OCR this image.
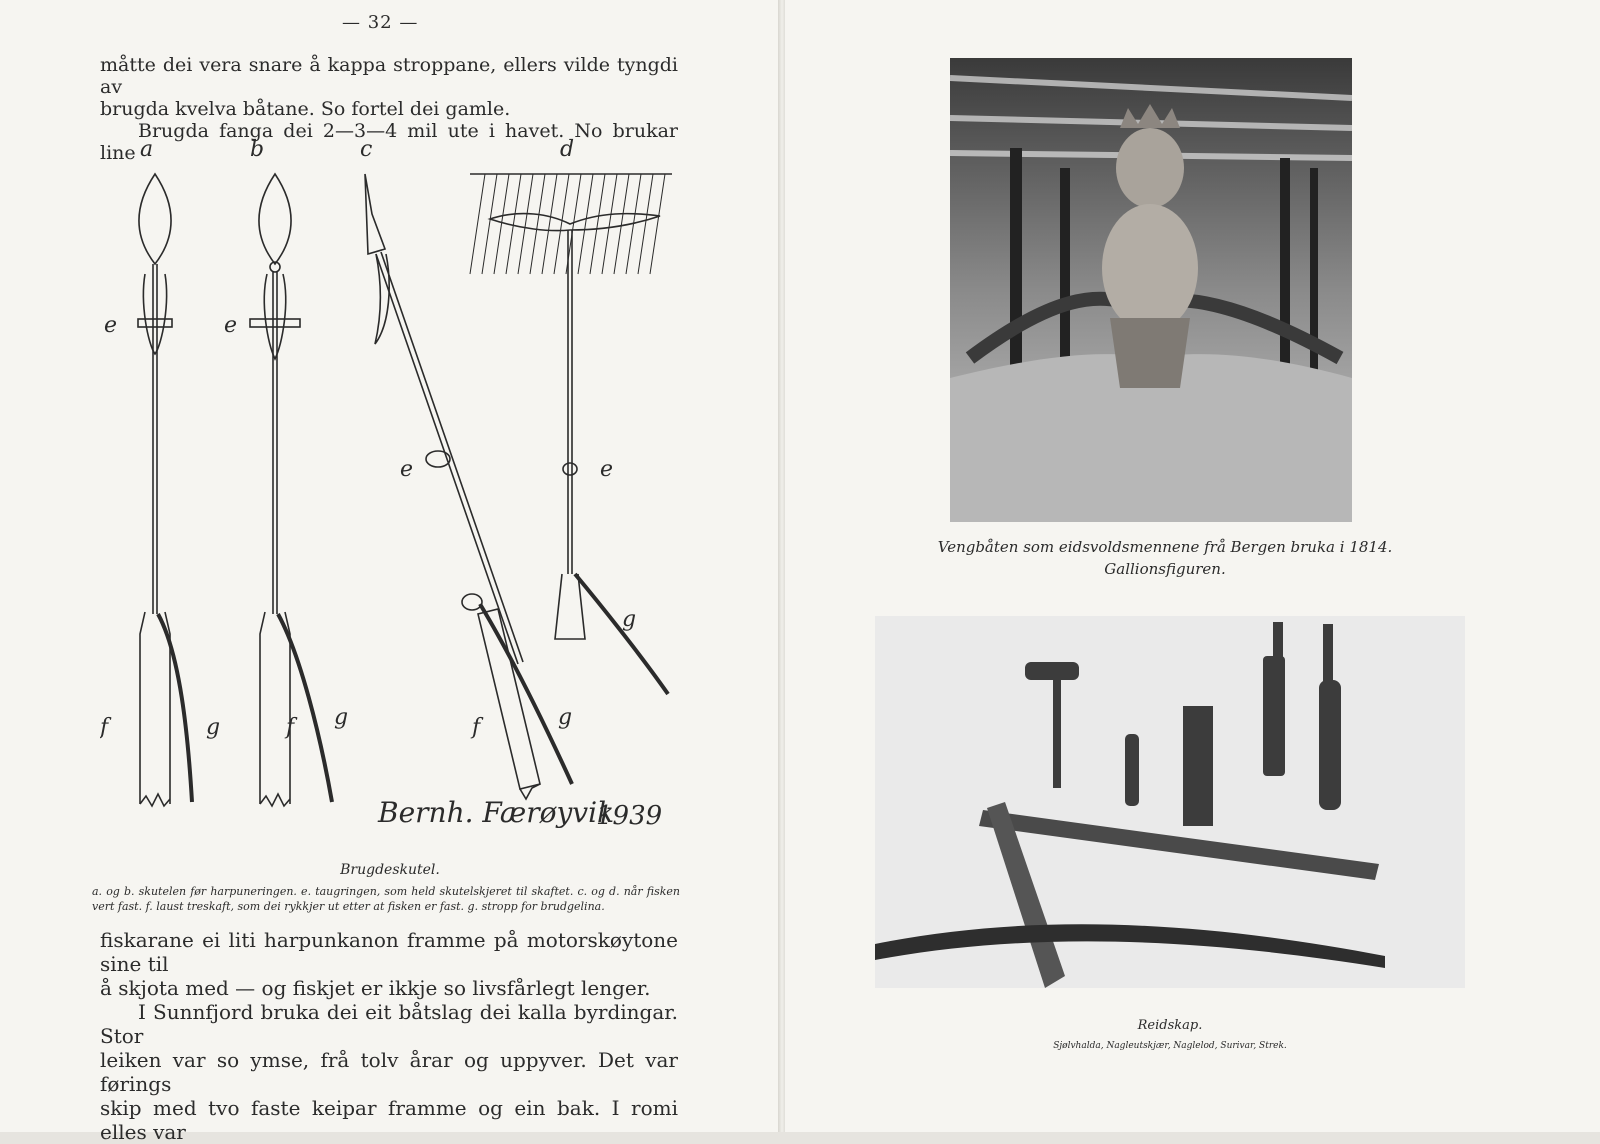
— 32 —

måtte dei vera snare å kappa stroppane, ellers vilde tyngdi av

brugda kvelva båtane. So fortel dei gamle.

Brugda fanga dei 2—3—4 mil ute i havet. No brukar line a	b	c	d
e	e
e	e
f	f	f
g	g	g
g
Bernh. Færøyvik
1939
Brugdeskutel.
a. og b. skutelen før harpuneringen. e. taugringen, som held skutelskjeret til skaftet. c. og d. når fisken vert fast. f. laust treskaft, som dei rykkjer ut etter at fisken er fast. g. stropp for brudgelina.

fiskarane ei liti harpunkanon framme på motorskøytone sine til

å skjota med — og fiskjet er ikkje so livsfårlegt lenger.

I Sunnfjord bruka dei eit båtslag dei kalla byrdingar. Stor

leiken var so ymse, frå tolv årar og uppyver. Det var førings

skip med tvo faste keipar framme og ein bak. I romi elles var

Vengbåten som eidsvoldsmennene frå Bergen bruka i 1814.
Gallionsfiguren.
Reidskap.
Sjølvhalda, Nagleutskjær, Naglelod, Surivar, Strek.
